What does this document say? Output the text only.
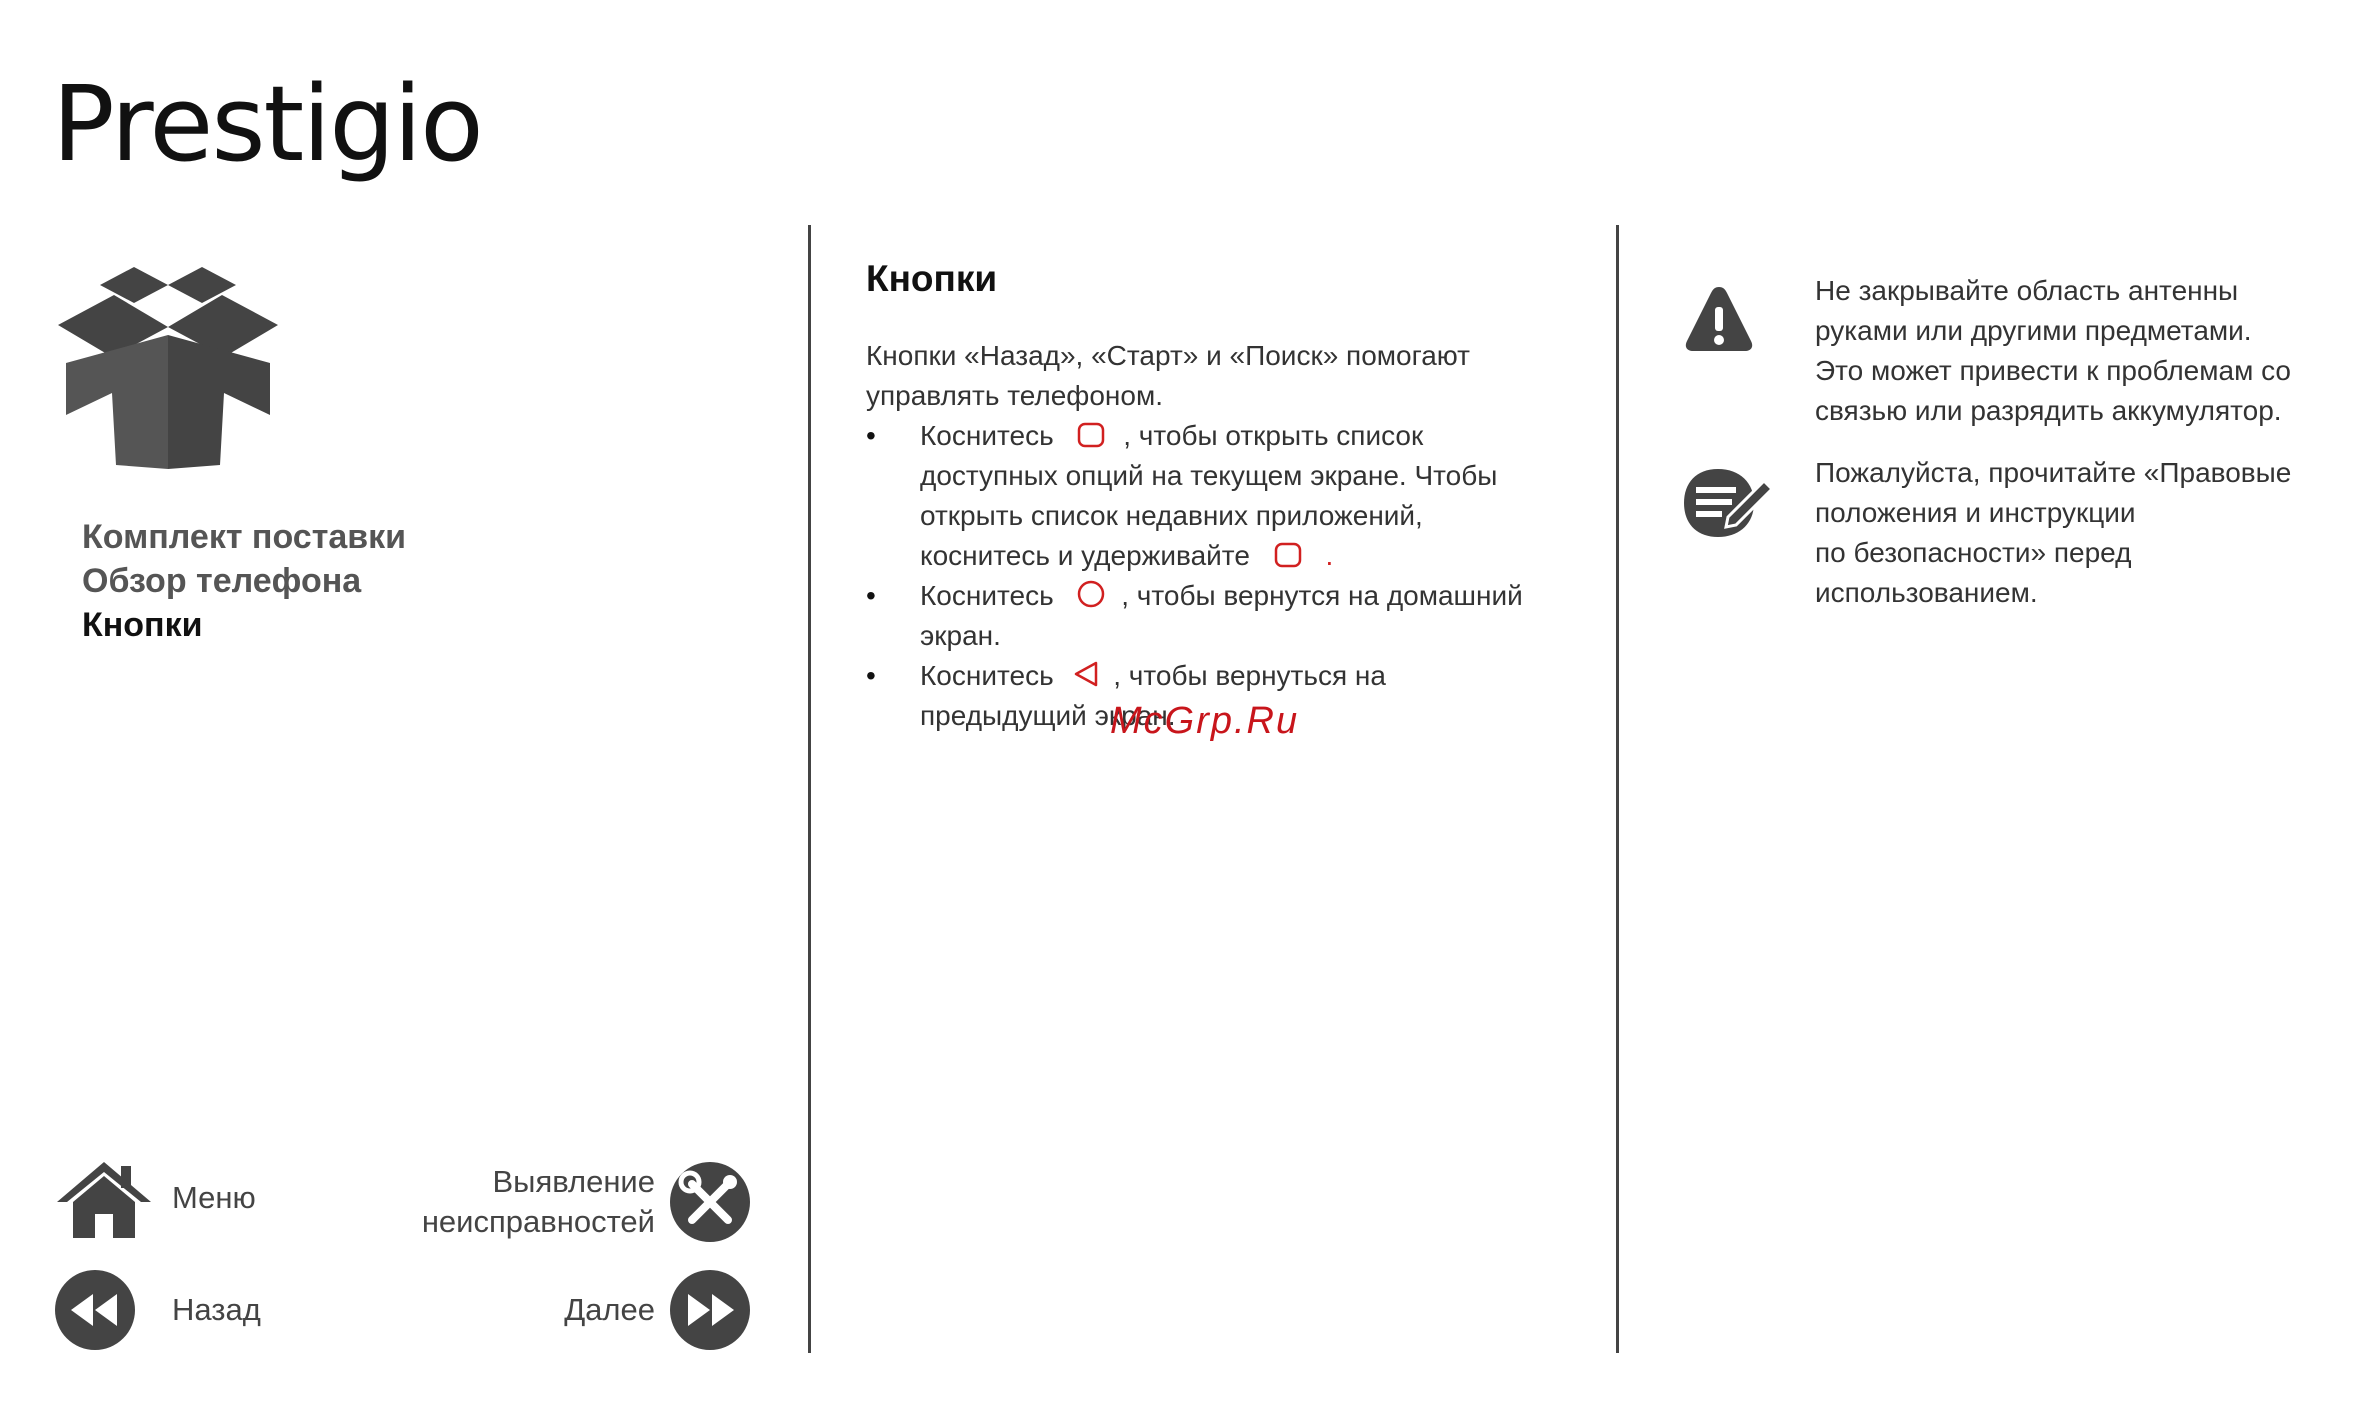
Prestigio
Комплект поставки
Обзор телефона
Кнопки
Меню	Выявление
неисправностей
Назад	Далее
Кнопки
Кнопки «Назад», «Старт» и «Поиск» помогают
управлять телефоном.
• Коснитесь , чтобы открыть список
доступных опций на текущем экране. Чтобы
открыть список недавних приложений,
коснитесь и удерживайте	.
• Коснитесь , чтобы вернутся на домашний
экран.
• Коснитесь , чтобы вернуться на
предыдущий экран.
McGrp.Ru
Не закрывайте область антенны
руками или другими предметами.
Это может привести к проблемам со
связью или разрядить аккумулятор.
Пожалуйста, прочитайте «Правовые
положения и инструкции
по безопасности» перед
использованием.
